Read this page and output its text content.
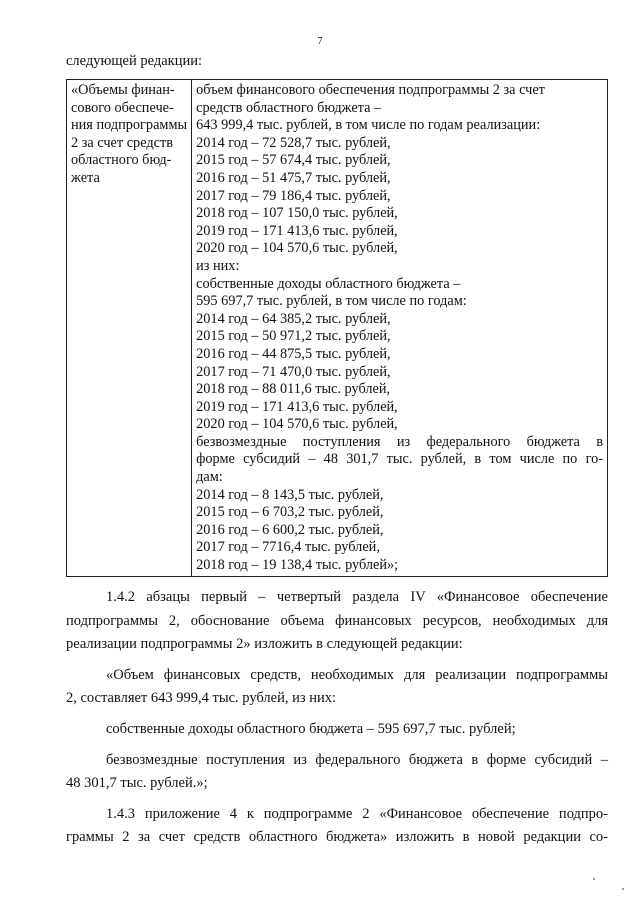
7
следующей редакции:
«Объемы финан-
сового обеспече-
ния подпрограммы
2 за счет средств
областного бюд-
жета

объем финансового обеспечения подпрограммы 2 за счет
средств областного бюджета –
643 999,4 тыс. рублей, в том числе по годам реализации:
2014 год – 72 528,7 тыс. рублей,
2015 год – 57 674,4 тыс. рублей,
2016 год – 51 475,7 тыс. рублей,
2017 год – 79 186,4 тыс. рублей,
2018 год – 107 150,0 тыс. рублей,
2019 год – 171 413,6 тыс. рублей,
2020 год – 104 570,6 тыс. рублей,
из них:
собственные доходы областного бюджета –
595 697,7 тыс. рублей, в том числе по годам:
2014 год – 64 385,2 тыс. рублей,
2015 год – 50 971,2 тыс. рублей,
2016 год – 44 875,5 тыс. рублей,
2017 год – 71 470,0 тыс. рублей,
2018 год – 88 011,6 тыс. рублей,
2019 год – 171 413,6 тыс. рублей,
2020 год – 104 570,6 тыс. рублей,
безвозмездные поступления из федерального бюджета в
форме субсидий – 48 301,7 тыс. рублей, в том числе по го-
дам:
2014 год – 8 143,5 тыс. рублей,
2015 год – 6 703,2 тыс. рублей,
2016 год – 6 600,2 тыс. рублей,
2017 год – 7716,4 тыс. рублей,
2018 год – 19 138,4 тыс. рублей»;

1.4.2 абзацы первый – четвертый раздела IV «Финансовое обеспечение

подпрограммы 2, обоснование объема финансовых ресурсов, необходимых для

реализации подпрограммы 2» изложить в следующей редакции:

«Объем финансовых средств, необходимых для реализации подпрограммы

2, составляет 643 999,4 тыс. рублей, из них:

собственные доходы областного бюджета – 595 697,7 тыс. рублей;

безвозмездные поступления из федерального бюджета в форме субсидий –

48 301,7 тыс. рублей.»;

1.4.3 приложение 4 к подпрограмме 2 «Финансовое обеспечение подпро-

граммы 2 за счет средств областного бюджета» изложить в новой редакции со-
